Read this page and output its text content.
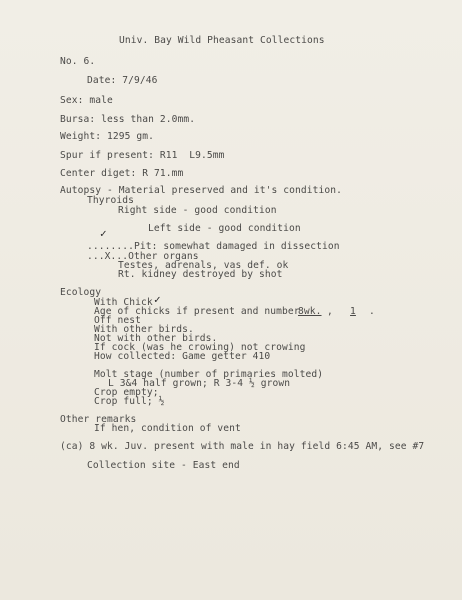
Univ. Bay Wild Pheasant Collections
No. 6.
Date: 7/9/46
Sex: male
Bursa: less than 2.0mm.
Weight: 1295 gm.
Spur if present: R11  L9.5mm
Center diget: R 71.mm
Autopsy - Material preserved and it's condition.
Thyroids
Right side - good condition
Left side - good condition
✓
........Pit: somewhat damaged in dissection
...X...Other organs
Testes, adrenals, vas def. ok
Rt. kidney destroyed by shot
Ecology
With Chick ✓
Age of chicks if present and number
8wk. ,	1	.
Off nest
With other birds.
Not with other birds.
If cock (was he crowing) not crowing
How collected: Game getter 410
Molt stage (number of primaries molted)
L 3&4 half grown; R 3-4 ½ grown
Crop empty;
Crop full; ½
Other remarks
If hen, condition of vent
(ca) 8 wk. Juv. present with male in hay field 6:45 AM, see #7
Collection site - East end
